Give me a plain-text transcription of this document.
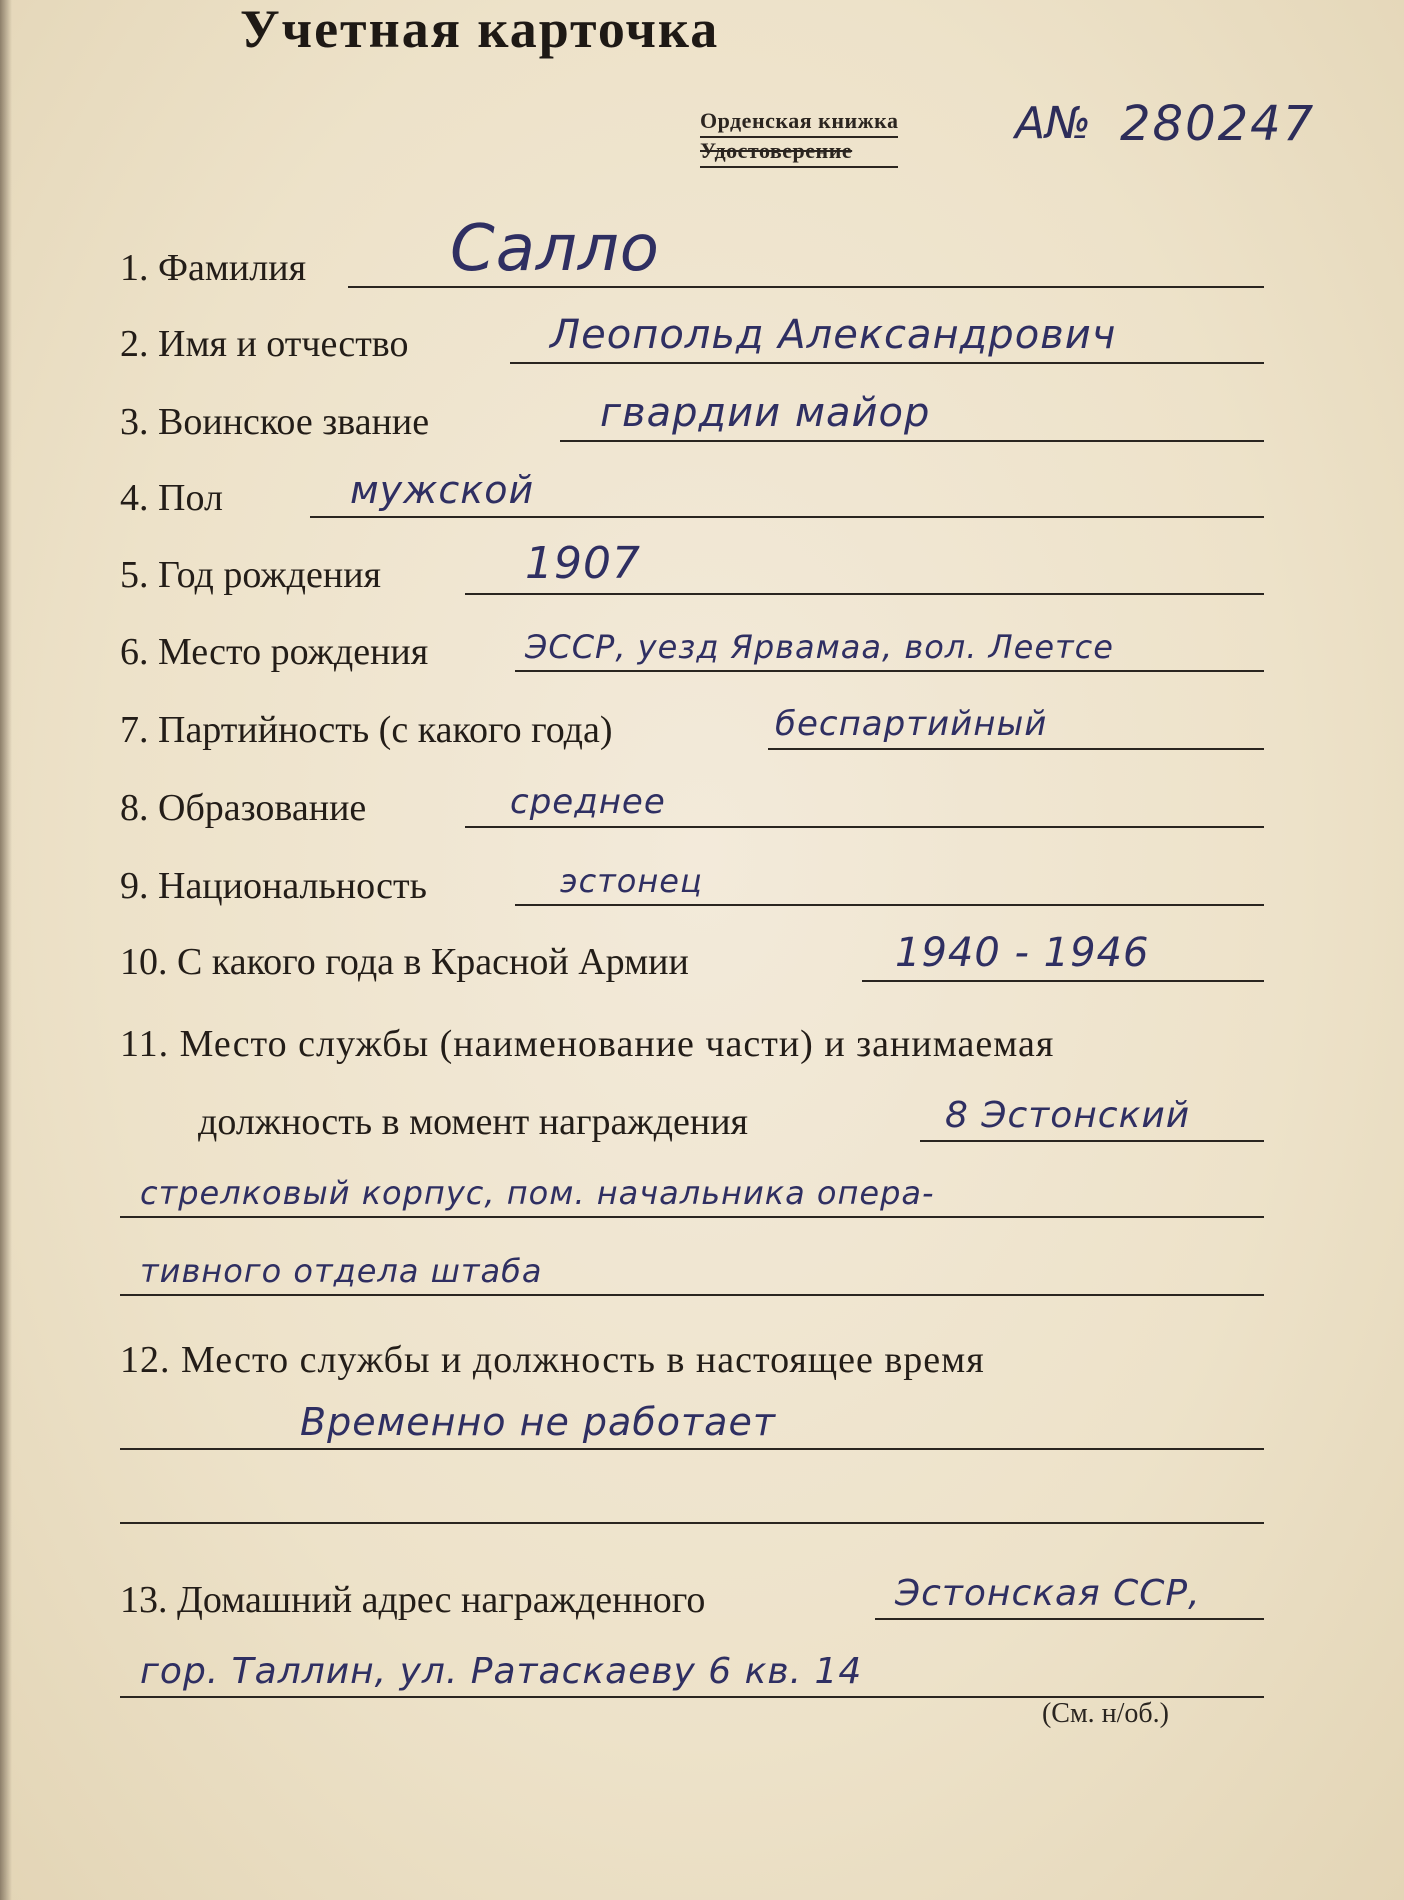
Учетная карточка
Орденская книжка
Удостоверение
А№ 280247
1. Фамилия Салло
2. Имя и отчество	Леопольд Александрович
3. Воинское звание	гвардии майор
4. Пол	мужской
5. Год рождения	1907
6. Место рождения	ЭССР, уезд Ярвамаа, вол. Леетсе
7. Партийность (с какого года)	беспартийный
8. Образование	среднее
9. Национальность	эстонец
10. С какого года в Красной Армии	1940 - 1946
11. Место службы (наименование части) и занимаемая
должность в момент награждения	8 Эстонский
стрелковый корпус, пом. начальника опера-
тивного отдела штаба
12. Место службы и должность в настоящее время
Временно не работает
13. Домашний адрес награжденного	Эстонская ССР,
гор. Таллин, ул. Ратаскаеву 6 кв. 14
(См. н/об.)
